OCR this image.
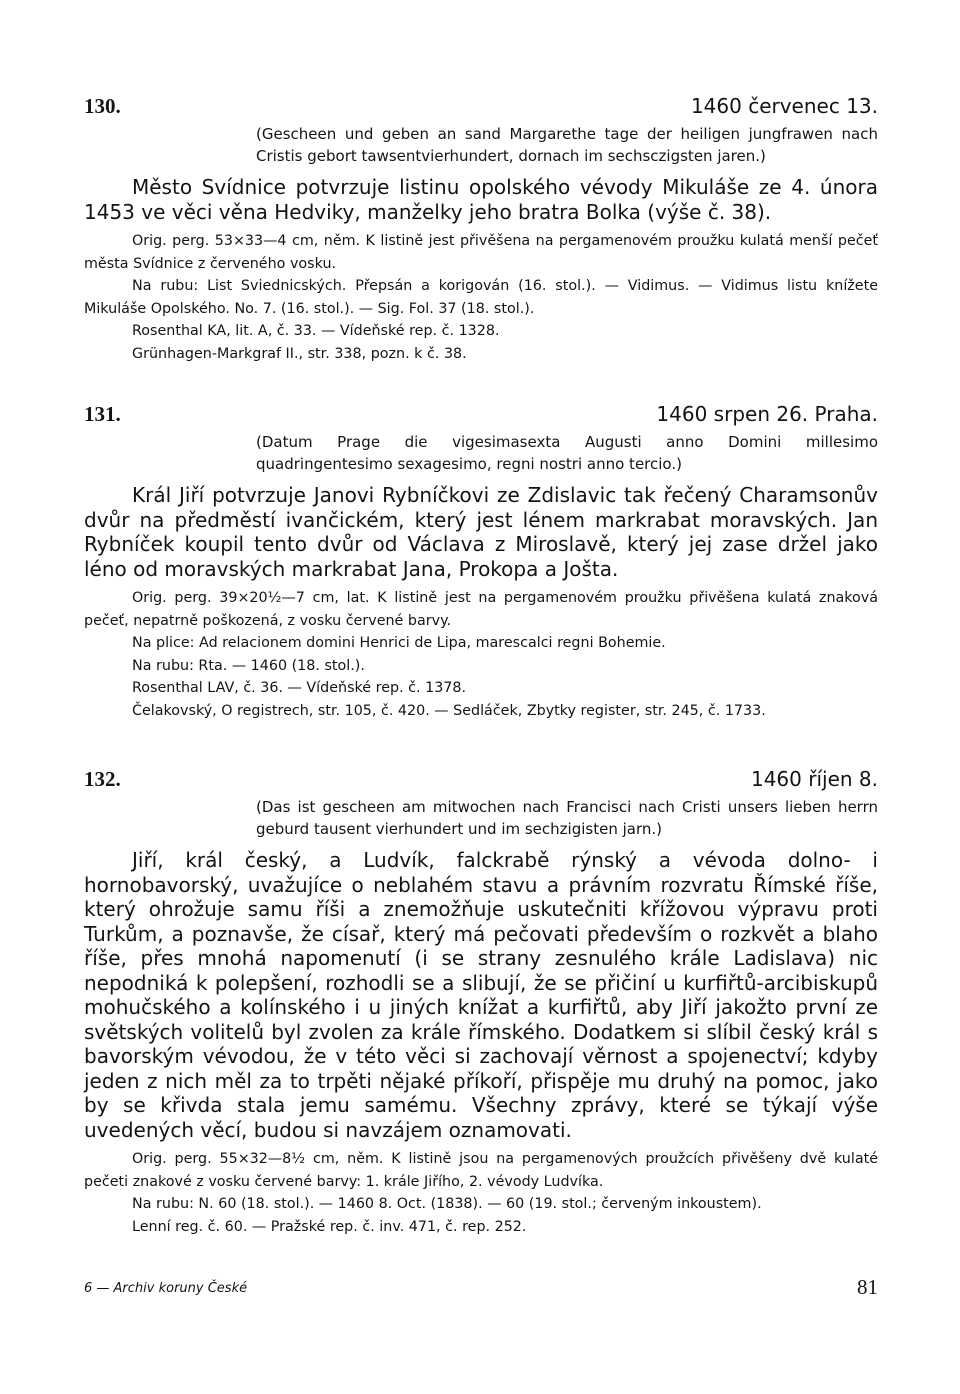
130.	1460 červenec 13.

(Gescheen und geben an sand Margarethe tage der heiligen jungfrawen nach Cristis gebort tawsentvierhundert, dornach im sechsczigsten jaren.)

Město Svídnice potvrzuje listinu opolského vévody Mikuláše ze 4. února 1453 ve věci věna Hedviky, manželky jeho bratra Bolka (výše č. 38).

Orig. perg. 53×33—4 cm, něm. K listině jest přivěšena na pergamenovém proužku kulatá menší pečeť města Svídnice z červeného vosku.

Na rubu: List Sviednicských. Přepsán a korigován (16. stol.). — Vidimus. — Vidimus listu knížete Mikuláše Opolského. No. 7. (16. stol.). — Sig. Fol. 37 (18. stol.).

Rosenthal KA, lit. A, č. 33. — Vídeňské rep. č. 1328.

Grünhagen-Markgraf II., str. 338, pozn. k č. 38.

131.	1460 srpen 26. Praha.

(Datum Prage die vigesimasexta Augusti anno Domini millesimo quadringentesimo sexagesimo, regni nostri anno tercio.)

Král Jiří potvrzuje Janovi Rybníčkovi ze Zdislavic tak řečený Charamsonův dvůr na předměstí ivančickém, který jest lénem markrabat moravských. Jan Rybníček koupil tento dvůr od Václava z Miroslavě, který jej zase držel jako léno od moravských markrabat Jana, Prokopa a Jošta.

Orig. perg. 39×20½—7 cm, lat. K listině jest na pergamenovém proužku přivěšena kulatá znaková pečeť, nepatrně poškozená, z vosku červené barvy.

Na plice: Ad relacionem domini Henrici de Lipa, marescalci regni Bohemie.

Na rubu: Rta. — 1460 (18. stol.).

Rosenthal LAV, č. 36. — Vídeňské rep. č. 1378.

Čelakovský, O registrech, str. 105, č. 420. — Sedláček, Zbytky register, str. 245, č. 1733.

132.	1460 říjen 8.

(Das ist gescheen am mitwochen nach Francisci nach Cristi unsers lieben herrn geburd tausent vierhundert und im sechzigisten jarn.)

Jiří, král český, a Ludvík, falckrabě rýnský a vévoda dolno- i hornobavorský, uvažujíce o neblahém stavu a právním rozvratu Římské říše, který ohrožuje samu říši a znemožňuje uskutečniti křížovou výpravu proti Turkům, a poznavše, že císař, který má pečovati především o rozkvět a blaho říše, přes mnohá napomenutí (i se strany zesnulého krále Ladislava) nic nepodniká k polepšení, rozhodli se a slibují, že se přičiní u kurfiřtů-arcibiskupů mohučského a kolínského i u jiných knížat a kurfiřtů, aby Jiří jakožto první ze světských volitelů byl zvolen za krále římského. Dodatkem si slíbil český král s bavorským vévodou, že v této věci si zachovají věrnost a spojenectví; kdyby jeden z nich měl za to trpěti nějaké příkoří, přispěje mu druhý na pomoc, jako by se křivda stala jemu samému. Všechny zprávy, které se týkají výše uvedených věcí, budou si navzájem oznamovati.

Orig. perg. 55×32—8½ cm, něm. K listině jsou na pergamenových proužcích přivěšeny dvě kulaté pečeti znakové z vosku červené barvy: 1. krále Jiřího, 2. vévody Ludvíka.

Na rubu: N. 60 (18. stol.). — 1460 8. Oct. (1838). — 60 (19. stol.; červeným inkoustem).

Lenní reg. č. 60. — Pražské rep. č. inv. 471, č. rep. 252.

6 — Archiv koruny České	81
